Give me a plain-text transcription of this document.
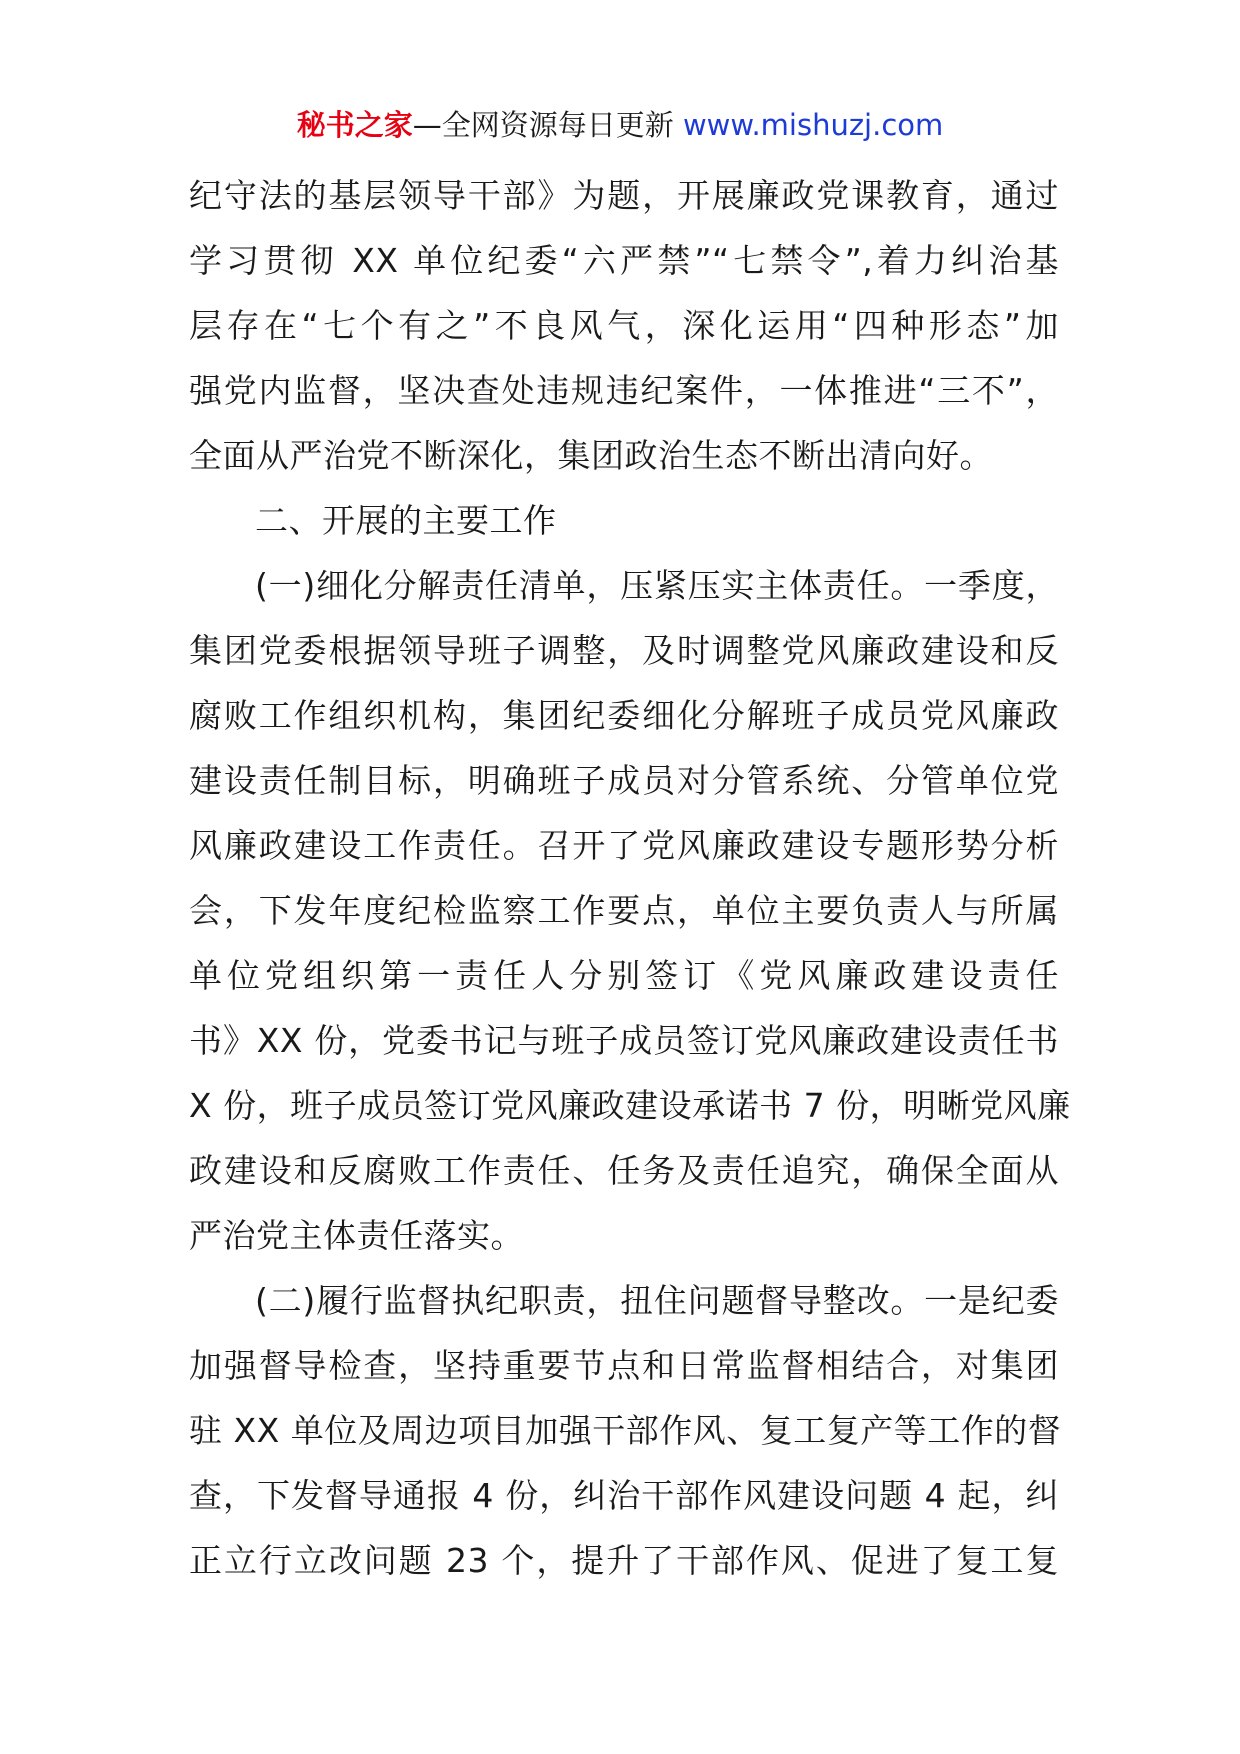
秘书之家—全网资源每日更新 www.mishuzj.com
纪守法的基层领导干部》为题，开展廉政党课教育，通过
学习贯彻 XX 单位纪委“六严禁”“七禁令”,着力纠治基
层存在“七个有之”不良风气，深化运用“四种形态”加
强党内监督，坚决查处违规违纪案件，一体推进“三不”，
全面从严治党不断深化，集团政治生态不断出清向好。
二、开展的主要工作
(一)细化分解责任清单，压紧压实主体责任。一季度，
集团党委根据领导班子调整，及时调整党风廉政建设和反
腐败工作组织机构，集团纪委细化分解班子成员党风廉政
建设责任制目标，明确班子成员对分管系统、分管单位党
风廉政建设工作责任。召开了党风廉政建设专题形势分析
会，下发年度纪检监察工作要点，单位主要负责人与所属
单位党组织第一责任人分别签订《党风廉政建设责任
书》XX 份，党委书记与班子成员签订党风廉政建设责任书
X 份，班子成员签订党风廉政建设承诺书 7 份，明晰党风廉
政建设和反腐败工作责任、任务及责任追究，确保全面从
严治党主体责任落实。
(二)履行监督执纪职责，扭住问题督导整改。一是纪委
加强督导检查，坚持重要节点和日常监督相结合，对集团
驻 XX 单位及周边项目加强干部作风、复工复产等工作的督
查，下发督导通报 4 份，纠治干部作风建设问题 4 起，纠
正立行立改问题 23 个，提升了干部作风、促进了复工复
